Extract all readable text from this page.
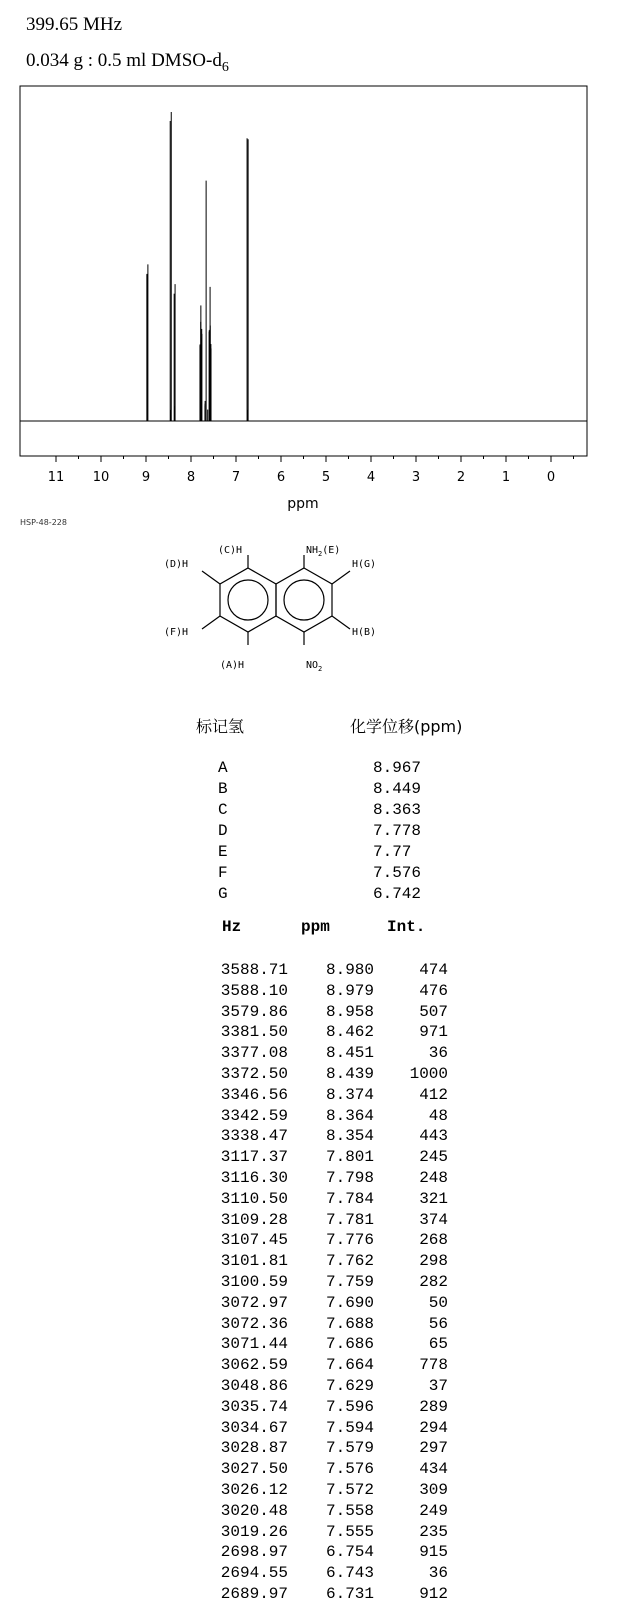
399.65 MHz
0.034 g : 0.5 ml DMSO-$d_6$
11 10	9	8	7	6	5	4	3	2	1	0
ppm
HSP-48-228
(C)H	$NH_2(E)$
H(G)
H(B)
(D)H
(F)H
(A)H	$NO_2$
标记氢	化学位移(ppm)
A	8.967
B	8.449
C	8.363
D	7.778
E	7.77
F	7.576
G	6.742
Hz	ppm	Int.
3588.71 8.980	474
3588.10 8.979	476
3579.86 8.958	507
3381.50 8.462	971
3377.08 8.451	36
3372.50 8.439 1000
3346.56 8.374	412
3342.59 8.364	48
3338.47 8.354	443
3117.37 7.801	245
3116.30 7.798	248
3110.50 7.784	321
3109.28 7.781	374
3107.45 7.776	268
3101.81 7.762	298
3100.59 7.759	282
3072.97 7.690	50
3072.36 7.688	56
3071.44 7.686	65
3062.59 7.664	778
3048.86 7.629	37
3035.74 7.596	289
3034.67 7.594	294
3028.87 7.579	297
3027.50 7.576	434
3026.12 7.572	309
3020.48 7.558	249
3019.26 7.555	235
2698.97 6.754	915
2694.55 6.743	36
2689.97 6.731	912
